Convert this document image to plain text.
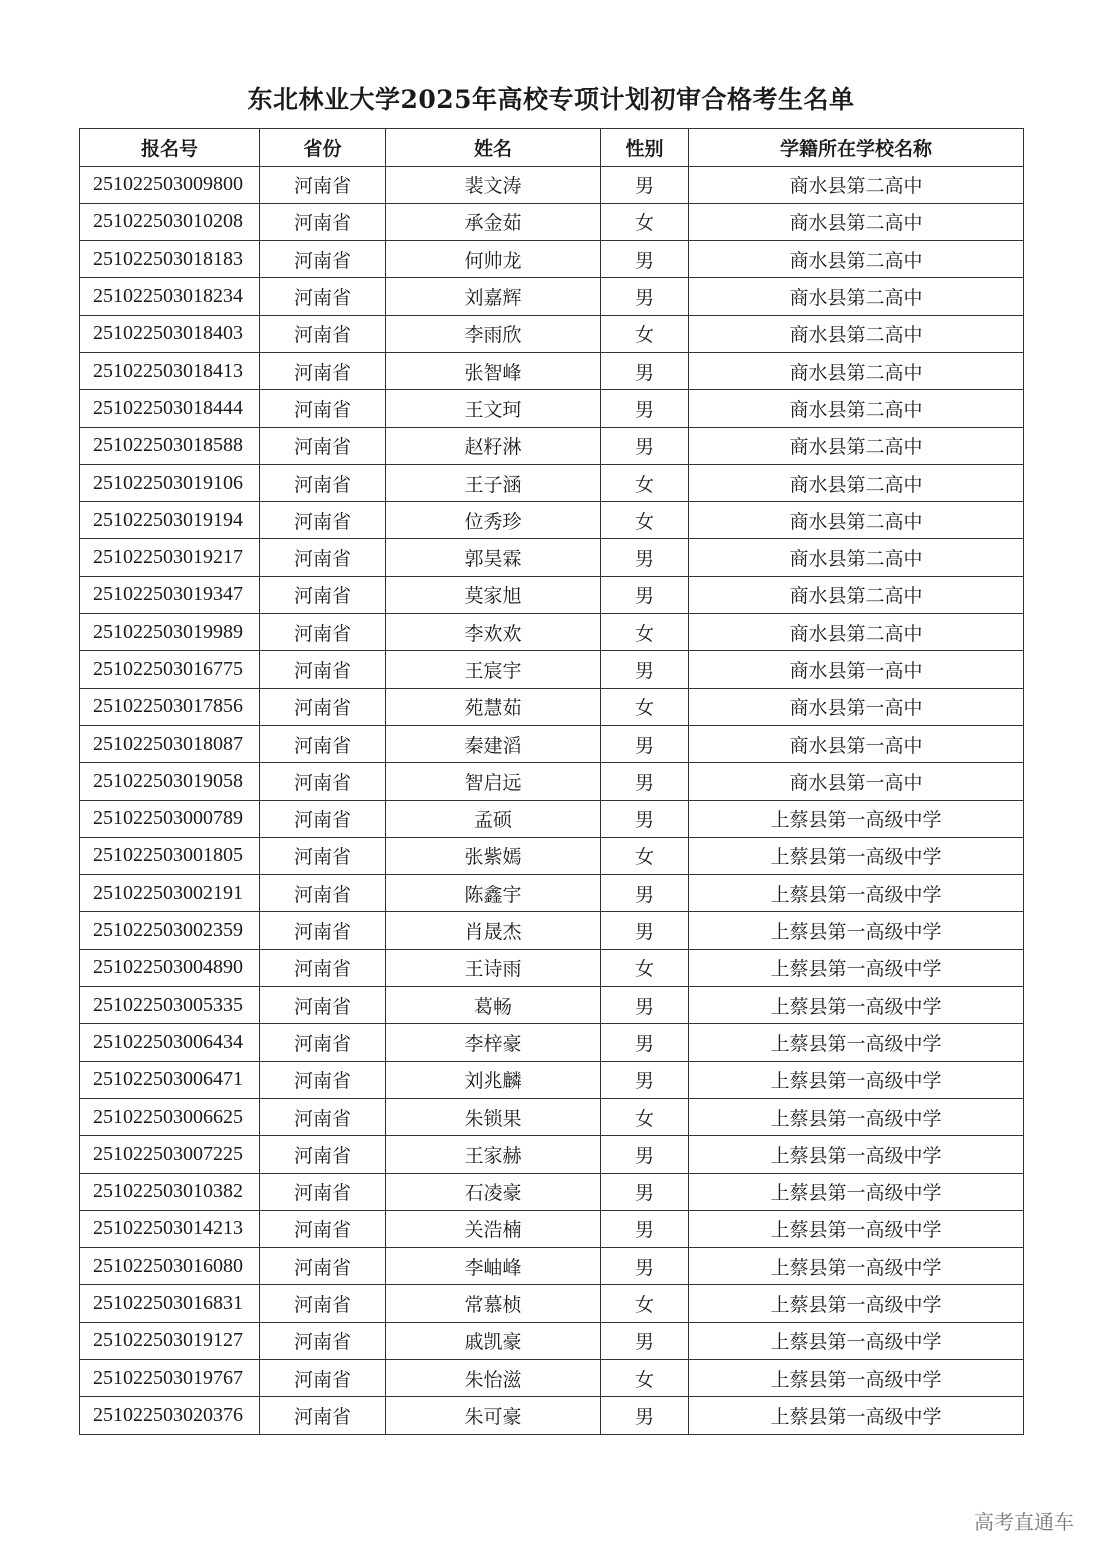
东北林业大学2025年高校专项计划初审合格考生名单
报名号	省份	姓名	性别	学籍所在学校名称
251022503009800	河南省	裴文涛	男	商水县第二高中
251022503010208	河南省	承金茹	女	商水县第二高中
251022503018183	河南省	何帅龙	男	商水县第二高中
251022503018234	河南省	刘嘉辉	男	商水县第二高中
251022503018403	河南省	李雨欣	女	商水县第二高中
251022503018413	河南省	张智峰	男	商水县第二高中
251022503018444	河南省	王文珂	男	商水县第二高中
251022503018588	河南省	赵籽淋	男	商水县第二高中
251022503019106	河南省	王子涵	女	商水县第二高中
251022503019194	河南省	位秀珍	女	商水县第二高中
251022503019217	河南省	郭昊霖	男	商水县第二高中
251022503019347	河南省	莫家旭	男	商水县第二高中
251022503019989	河南省	李欢欢	女	商水县第二高中
251022503016775	河南省	王宸宇	男	商水县第一高中
251022503017856	河南省	苑慧茹	女	商水县第一高中
251022503018087	河南省	秦建滔	男	商水县第一高中
251022503019058	河南省	智启远	男	商水县第一高中
251022503000789	河南省	孟硕	男	上蔡县第一高级中学
251022503001805	河南省	张紫嫣	女	上蔡县第一高级中学
251022503002191	河南省	陈鑫宇	男	上蔡县第一高级中学
251022503002359	河南省	肖晟杰	男	上蔡县第一高级中学
251022503004890	河南省	王诗雨	女	上蔡县第一高级中学
251022503005335	河南省	葛畅	男	上蔡县第一高级中学
251022503006434	河南省	李梓豪	男	上蔡县第一高级中学
251022503006471	河南省	刘兆麟	男	上蔡县第一高级中学
251022503006625	河南省	朱锁果	女	上蔡县第一高级中学
251022503007225	河南省	王家赫	男	上蔡县第一高级中学
251022503010382	河南省	石凌豪	男	上蔡县第一高级中学
251022503014213	河南省	关浩楠	男	上蔡县第一高级中学
251022503016080	河南省	李岫峰	男	上蔡县第一高级中学
251022503016831	河南省	常慕桢	女	上蔡县第一高级中学
251022503019127	河南省	戚凯豪	男	上蔡县第一高级中学
251022503019767	河南省	朱怡滋	女	上蔡县第一高级中学
251022503020376	河南省	朱可豪	男	上蔡县第一高级中学
高考直通车
